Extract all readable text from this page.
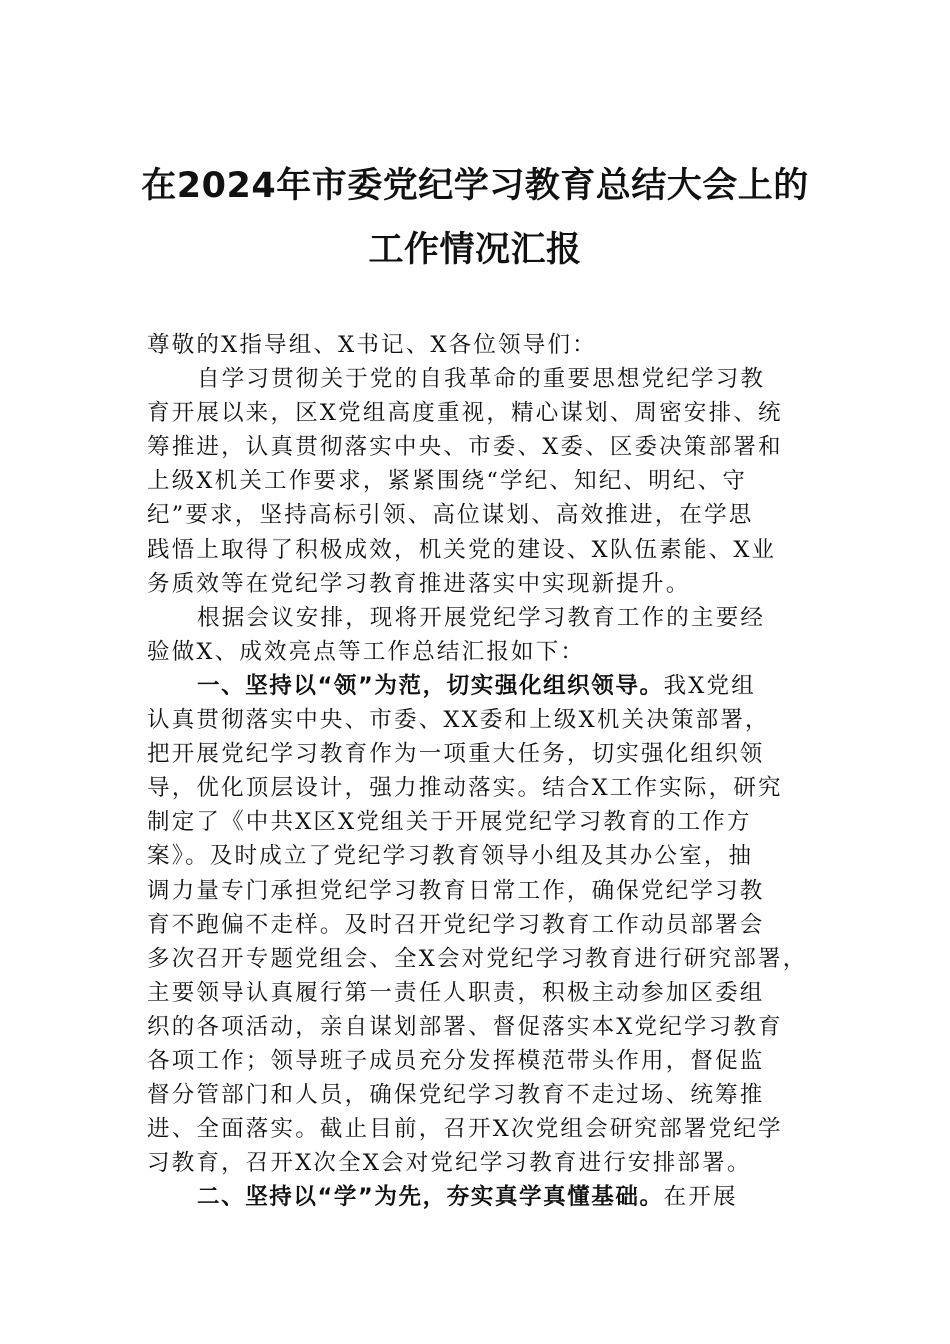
在2024年市委党纪学习教育总结大会上的
工作情况汇报
尊敬的X指导组、X书记、X各位领导们：
自学习贯彻关于党的自我革命的重要思想党纪学习教
育开展以来，区X党组高度重视，精心谋划、周密安排、统
筹推进，认真贯彻落实中央、市委、X委、区委决策部署和
上级X机关工作要求，紧紧围绕“学纪、知纪、明纪、守
纪”要求，坚持高标引领、高位谋划、高效推进，在学思
践悟上取得了积极成效，机关党的建设、X队伍素能、X业
务质效等在党纪学习教育推进落实中实现新提升。
根据会议安排，现将开展党纪学习教育工作的主要经
验做X、成效亮点等工作总结汇报如下：
一、坚持以“领”为范，切实强化组织领导。我X党组
认真贯彻落实中央、市委、XX委和上级X机关决策部署，
把开展党纪学习教育作为一项重大任务，切实强化组织领
导，优化顶层设计，强力推动落实。结合X工作实际，研究
制定了《中共X区X党组关于开展党纪学习教育的工作方
案》。及时成立了党纪学习教育领导小组及其办公室，抽
调力量专门承担党纪学习教育日常工作，确保党纪学习教
育不跑偏不走样。及时召开党纪学习教育工作动员部署会
多次召开专题党组会、全X会对党纪学习教育进行研究部署，
主要领导认真履行第一责任人职责，积极主动参加区委组
织的各项活动，亲自谋划部署、督促落实本X党纪学习教育
各项工作；领导班子成员充分发挥模范带头作用，督促监
督分管部门和人员，确保党纪学习教育不走过场、统筹推
进、全面落实。截止目前，召开X次党组会研究部署党纪学
习教育，召开X次全X会对党纪学习教育进行安排部署。
二、坚持以“学”为先，夯实真学真懂基础。在开展
